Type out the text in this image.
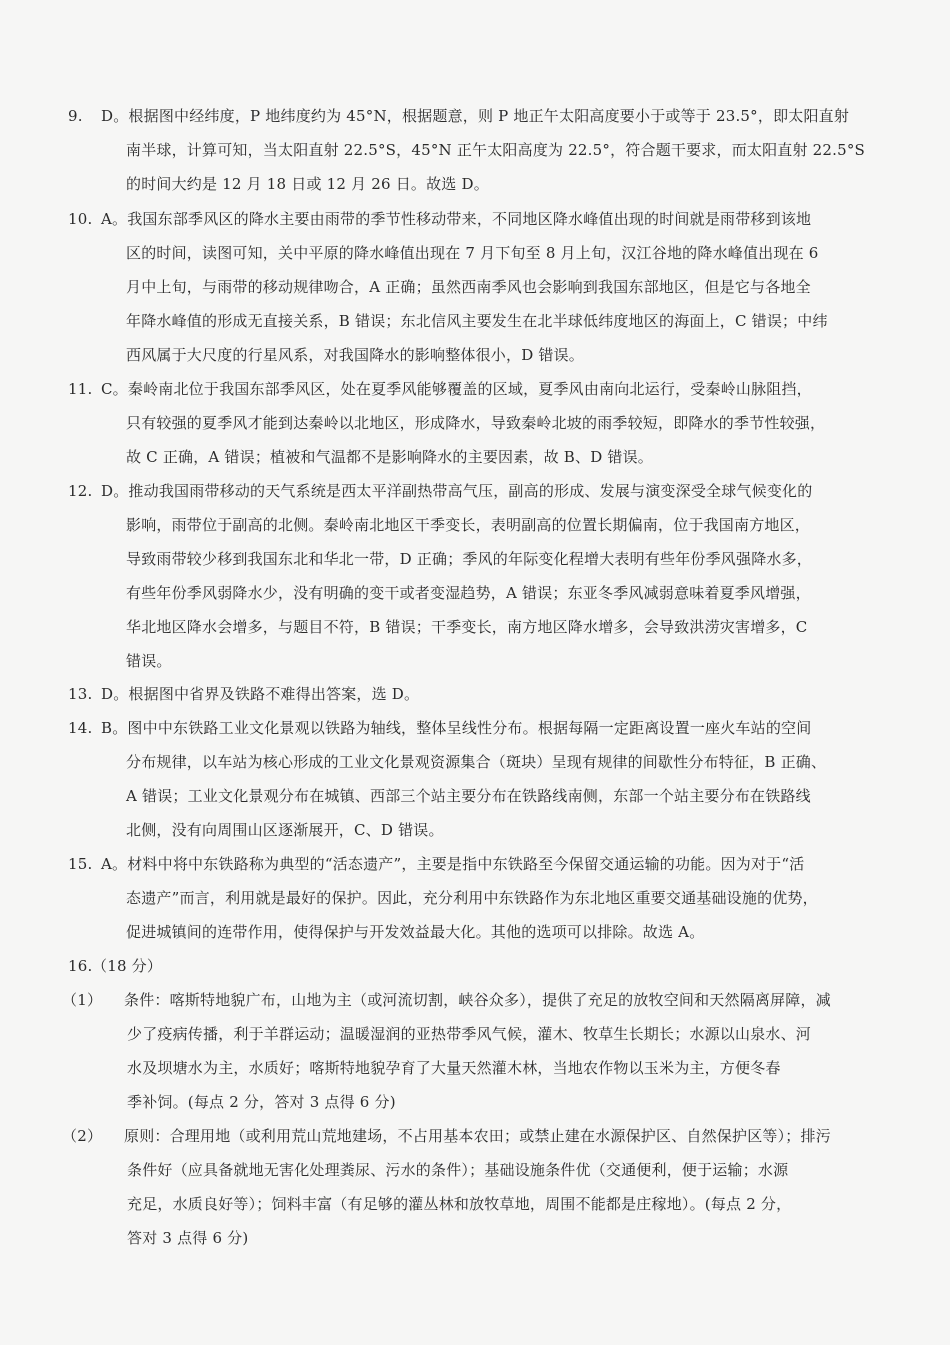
9. D。根据图中经纬度，P 地纬度约为 45°N，根据题意，则 P 地正午太阳高度要小于或等于 23.5°，即太阳直射
南半球，计算可知，当太阳直射 22.5°S，45°N 正午太阳高度为 22.5°，符合题干要求，而太阳直射 22.5°S
的时间大约是 12 月 18 日或 12 月 26 日。故选 D。
10. A。我国东部季风区的降水主要由雨带的季节性移动带来，不同地区降水峰值出现的时间就是雨带移到该地
区的时间，读图可知，关中平原的降水峰值出现在 7 月下旬至 8 月上旬，汉江谷地的降水峰值出现在 6
月中上旬，与雨带的移动规律吻合，A 正确；虽然西南季风也会影响到我国东部地区，但是它与各地全
年降水峰值的形成无直接关系，B 错误；东北信风主要发生在北半球低纬度地区的海面上，C 错误；中纬
西风属于大尺度的行星风系，对我国降水的影响整体很小，D 错误。
11. C。秦岭南北位于我国东部季风区，处在夏季风能够覆盖的区域，夏季风由南向北运行，受秦岭山脉阻挡，
只有较强的夏季风才能到达秦岭以北地区，形成降水，导致秦岭北坡的雨季较短，即降水的季节性较强，
故 C 正确，A 错误；植被和气温都不是影响降水的主要因素，故 B、D 错误。
12. D。推动我国雨带移动的天气系统是西太平洋副热带高气压，副高的形成、发展与演变深受全球气候变化的
影响，雨带位于副高的北侧。秦岭南北地区干季变长，表明副高的位置长期偏南，位于我国南方地区，
导致雨带较少移到我国东北和华北一带，D 正确；季风的年际变化程增大表明有些年份季风强降水多，
有些年份季风弱降水少，没有明确的变干或者变湿趋势，A 错误；东亚冬季风减弱意味着夏季风增强，
华北地区降水会增多，与题目不符，B 错误；干季变长，南方地区降水增多，会导致洪涝灾害增多，C
错误。
13. D。根据图中省界及铁路不难得出答案，选 D。
14. B。图中中东铁路工业文化景观以铁路为轴线，整体呈线性分布。根据每隔一定距离设置一座火车站的空间
分布规律，以车站为核心形成的工业文化景观资源集合（斑块）呈现有规律的间歇性分布特征，B 正确、
A 错误；工业文化景观分布在城镇、西部三个站主要分布在铁路线南侧，东部一个站主要分布在铁路线
北侧，没有向周围山区逐渐展开，C、D 错误。
15. A。材料中将中东铁路称为典型的“活态遗产”，主要是指中东铁路至今保留交通运输的功能。因为对于“活
态遗产”而言，利用就是最好的保护。因此，充分利用中东铁路作为东北地区重要交通基础设施的优势，
促进城镇间的连带作用，使得保护与开发效益最大化。其他的选项可以排除。故选 A。
16. （18 分）
（1） 条件：喀斯特地貌广布，山地为主（或河流切割，峡谷众多），提供了充足的放牧空间和天然隔离屏障，减
少了疫病传播，利于羊群运动；温暖湿润的亚热带季风气候，灌木、牧草生长期长；水源以山泉水、河
水及坝塘水为主，水质好；喀斯特地貌孕育了大量天然灌木林，当地农作物以玉米为主，方便冬春
季补饲。(每点 2 分，答对 3 点得 6 分)
（2） 原则：合理用地（或利用荒山荒地建场，不占用基本农田；或禁止建在水源保护区、自然保护区等）；排污
条件好（应具备就地无害化处理粪尿、污水的条件）；基础设施条件优（交通便利，便于运输；水源
充足，水质良好等）；饲料丰富（有足够的灌丛林和放牧草地，周围不能都是庄稼地）。(每点 2 分，
答对 3 点得 6 分)
